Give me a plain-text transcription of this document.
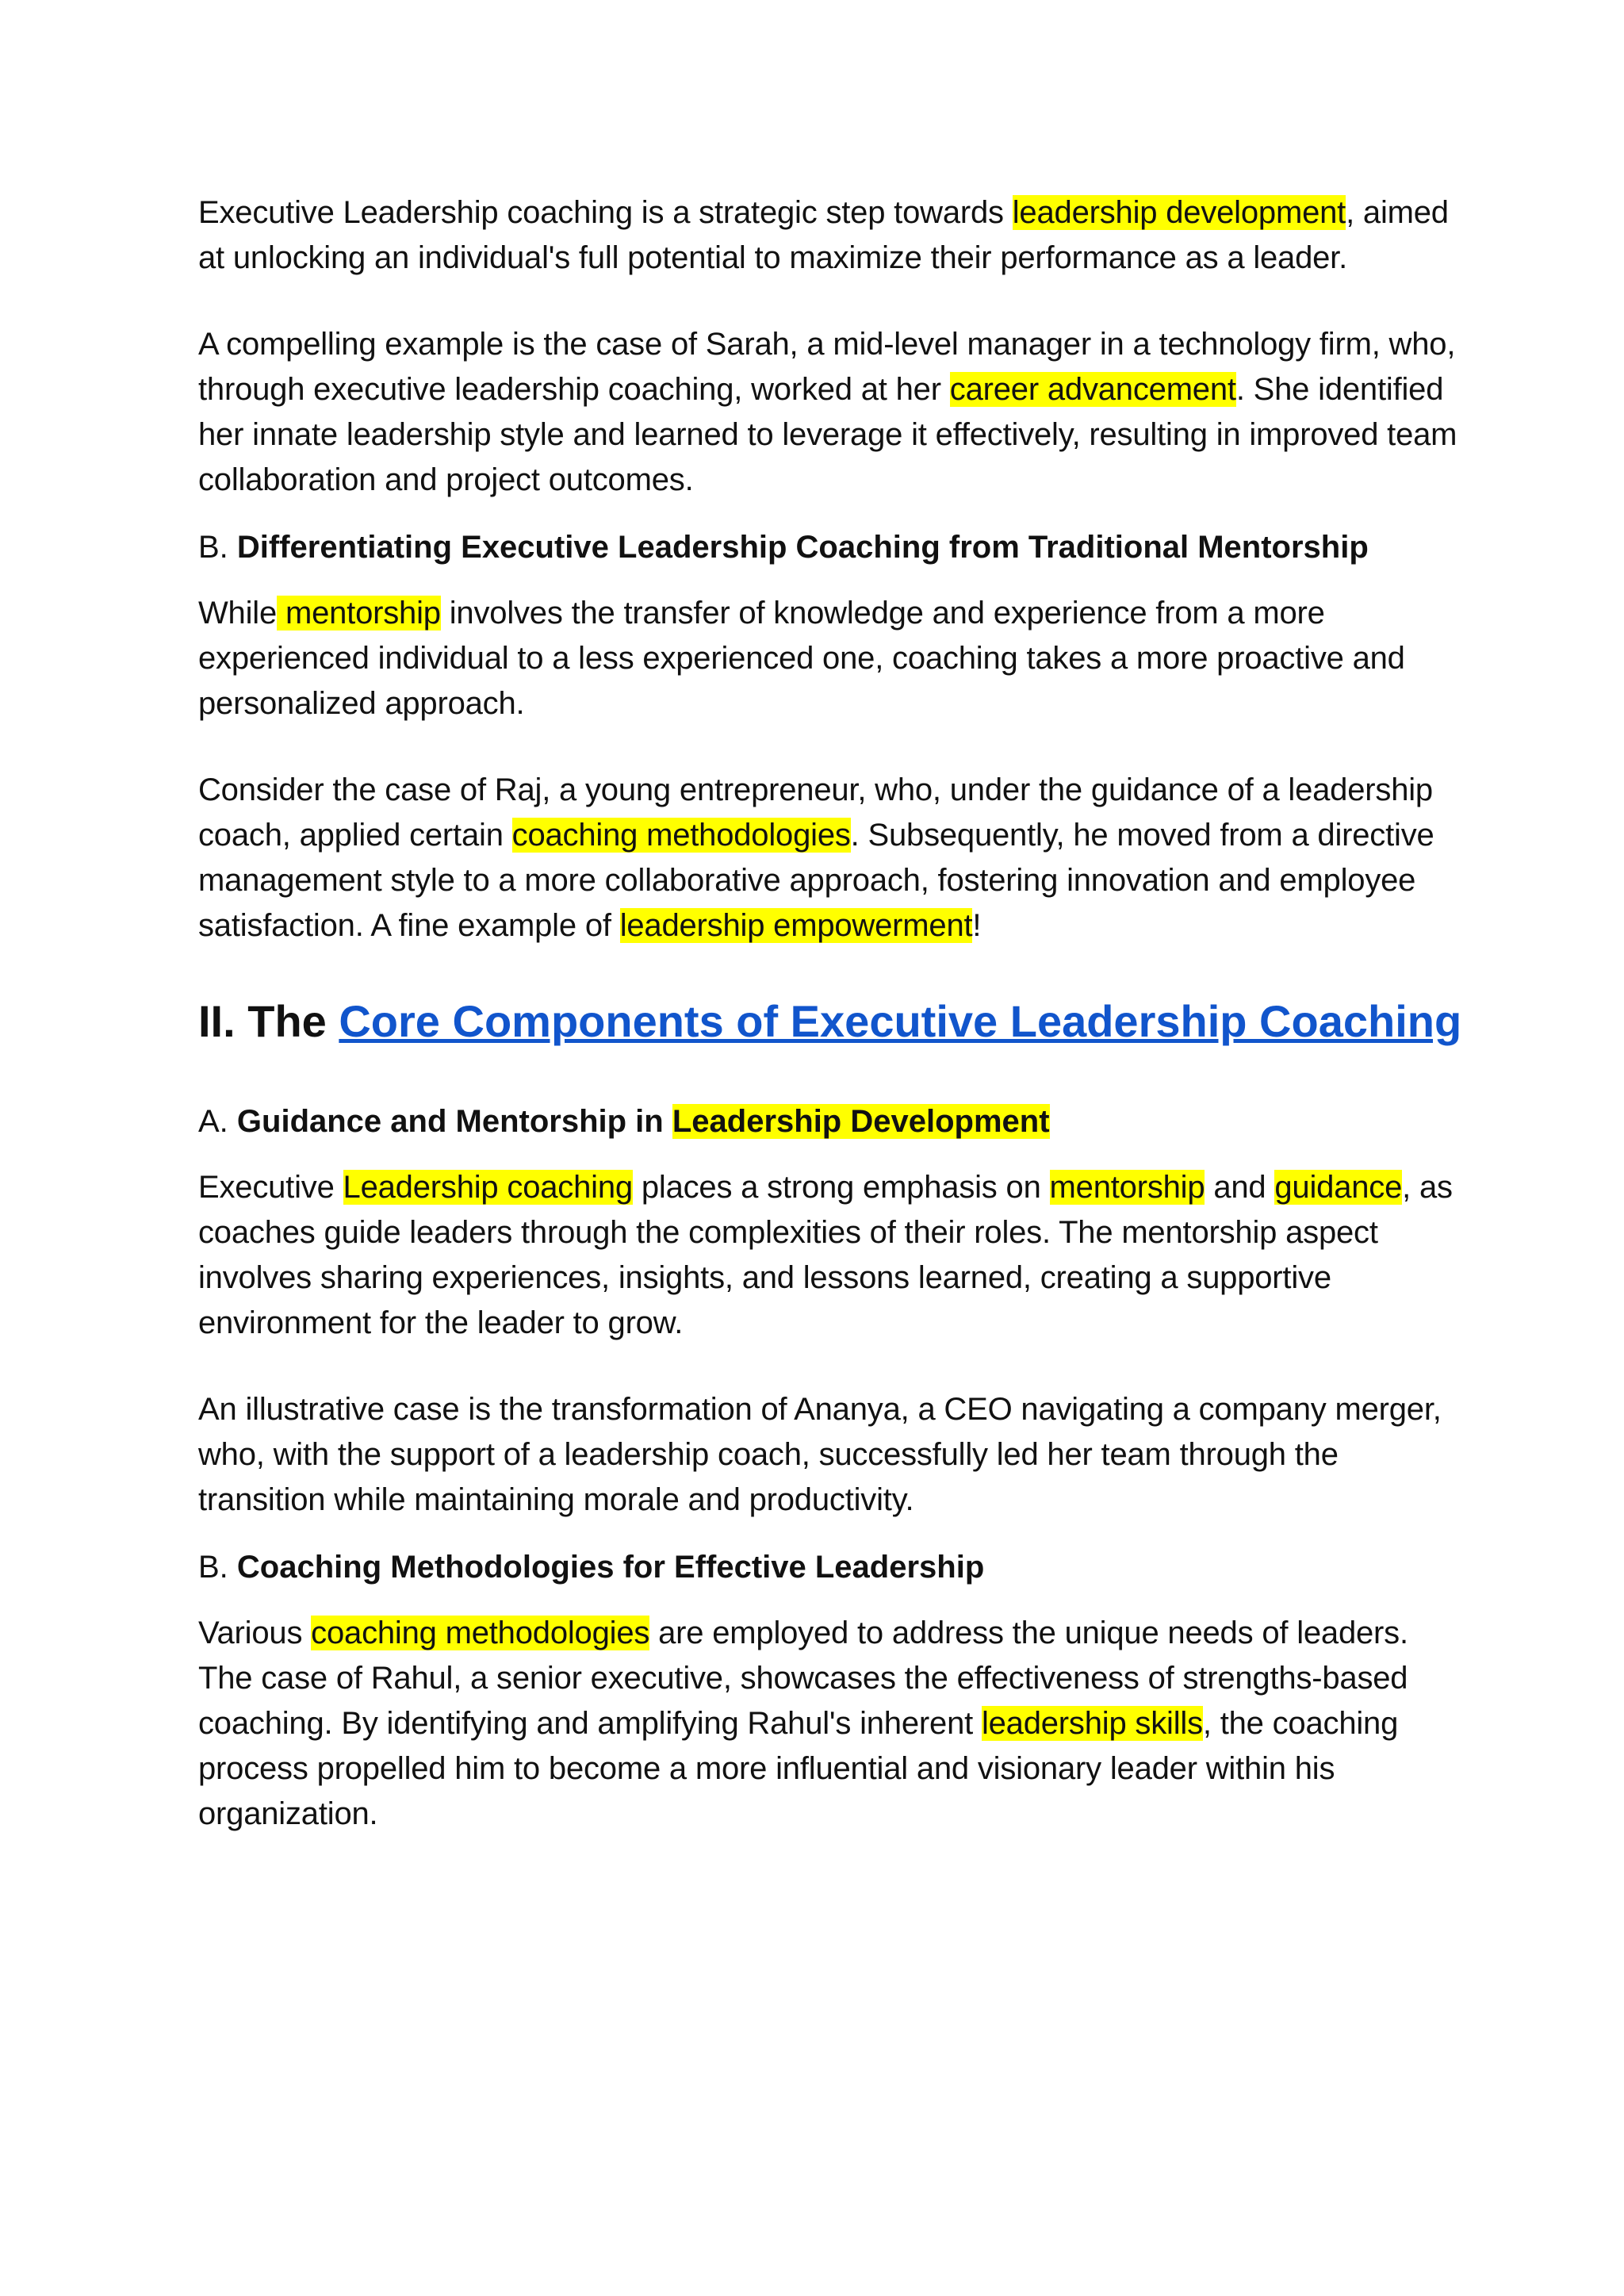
Executive Leadership coaching is a strategic step towards leadership development, aimed at unlocking an individual's full potential to maximize their performance as a leader.

A compelling example is the case of Sarah, a mid-level manager in a technology firm, who, through executive leadership coaching, worked at her career advancement. She identified her innate leadership style and learned to leverage it effectively, resulting in improved team collaboration and project outcomes.

B. Differentiating Executive Leadership Coaching from Traditional Mentorship

While mentorship involves the transfer of knowledge and experience from a more experienced individual to a less experienced one, coaching takes a more proactive and personalized approach.

Consider the case of Raj, a young entrepreneur, who, under the guidance of a leadership coach, applied certain coaching methodologies. Subsequently, he moved from a directive management style to a more collaborative approach, fostering innovation and employee satisfaction. A fine example of leadership empowerment!

II. The Core Components of Executive Leadership Coaching

A. Guidance and Mentorship in Leadership Development

Executive Leadership coaching places a strong emphasis on mentorship and guidance, as coaches guide leaders through the complexities of their roles. The mentorship aspect involves sharing experiences, insights, and lessons learned, creating a supportive environment for the leader to grow.

An illustrative case is the transformation of Ananya, a CEO navigating a company merger, who, with the support of a leadership coach, successfully led her team through the transition while maintaining morale and productivity.

B. Coaching Methodologies for Effective Leadership

Various coaching methodologies are employed to address the unique needs of leaders. The case of Rahul, a senior executive, showcases the effectiveness of strengths-based coaching. By identifying and amplifying Rahul's inherent leadership skills, the coaching process propelled him to become a more influential and visionary leader within his organization.
